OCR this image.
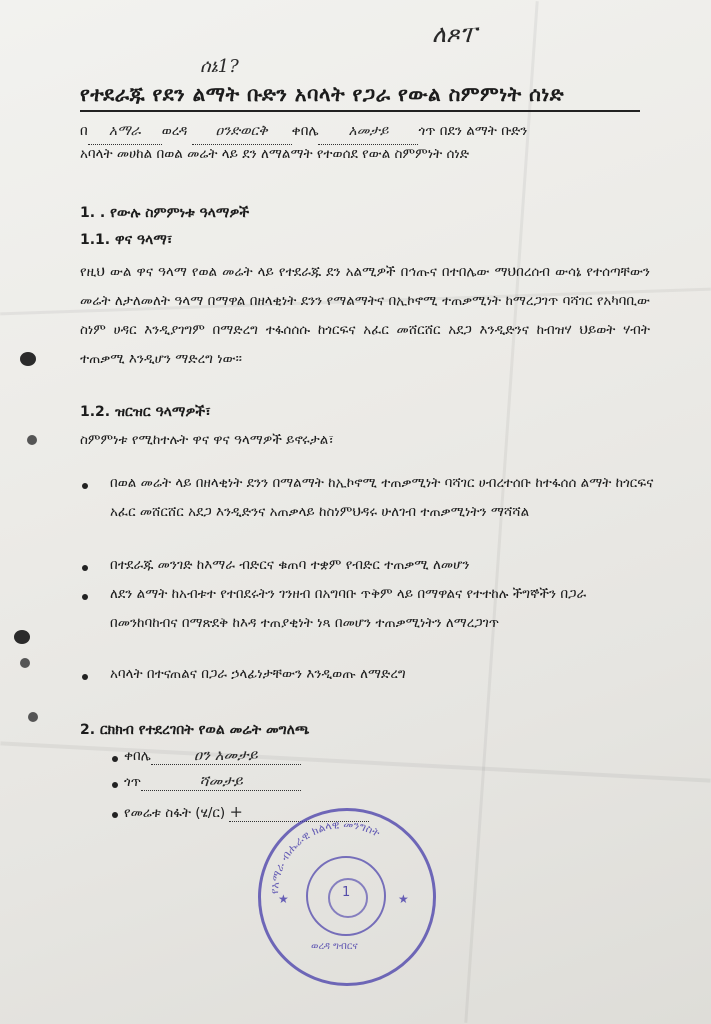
ለጾፐ
ሰኔ1?
የተደራጁ የደን ልማት ቡድን አባላት የጋራ የውል ስምምነት ሰነድ
በ አማራ ወረዳ ዐንድወርቅ ቀበሌ አመታይ ጎጥ በደን ልማት ቡድን
አባላት መሀከል በወል መሬት ላይ ደን ለማልማት የተወሰደ የውል ስምምነት ሰነድ
1. . የውሉ ስምምነቱ ዓላማዎች
1.1. ዋና ዓላማ፣
የዚህ ውል ዋና ዓላማ የወል መሬት ላይ የተደራጁ ደን አልሚዎች በኅጡና በተበሌው ማህበረሰብ ውሳኔ የተሰጣቸውን መሬት ለታለመለት ዓላማ በማዋል በዘላቂነት ደንን የማልማትና በኢኮኖሚ ተጠቃሚነት ከማረጋገጥ ባሻገር የአካባቢው ስነም ሀዳር እንዲያገግም በማድረግ ተፋሰሰሱ ከጎርፍና አፈር መሸርሸር አደጋ እንዲድንና ከብዝሃ ህይወት ሃብት ተጠቃሚ እንዲሆን ማድረግ ነው፡፡
1.2. ዝርዝር ዓላማዎች፣
ስምምነቱ የሚከተሉት ዋና ዋና ዓላማዎች ይኖሩታል፣
በወል መሬት ላይ በዘላቂነት ደንን በማልማት ከኢኮኖሚ ተጠቃሚነት ባሻገር ሀብረተሰቡ ከተፋሰሰ ልማት ከጎርፍና አፈር መሸርሸር አደጋ እንዲድንና አጠቃላይ ከስነምህዳሩ ሁለገብ ተጠቃሚነትን ማሻሻል
በተደራጁ መንገድ ከእማራ ብድርና ቁጠባ ተቋም የብድር ተጠቃሚ ለመሆን
ለደን ልማት ከአብቱተ የተበደሩትን ገንዘብ በአግባቡ ጥቅም ላይ በማዋልና የተተከሉ ችግኞችን በጋራ በመንከባከብና በማጽደቅ ከእዳ ተጠያቂነት ነጻ በመሆን ተጠቃሚነትን ለማረጋገጥ
አባላት በተናጠልና በጋራ ኃላፊነታቸውን እንዲወጡ ለማድረግ
2. ርክክብ የተደረገበት የወል መሬት መግለጫ
ቀበሌ	ዐን አመታይ
ጎጥ	ሻመታይ
የመሬቱ ስፋት (ሄ/ር) +
የአማራ ብሔራዊ ክልላዊ መንግስት
★	★
1
ወረዳ ግብርና
